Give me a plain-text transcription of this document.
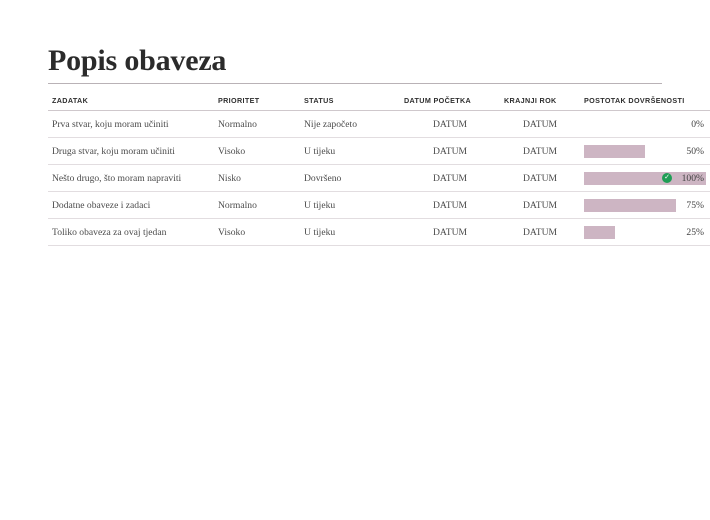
Popis obaveza
ZADATAK	PRIORITET	STATUS	DATUM POČETKA	KRAJNJI ROK	POSTOTAK DOVRŠENOSTI
Prva stvar, koju moram učiniti	Normalno	Nije započeto	DATUM	DATUM	0%

Druga stvar, koju moram učiniti	Visoko	U tijeku	DATUM	DATUM	50%

Nešto drugo, što moram napraviti	Nisko	Dovršeno	DATUM	DATUM	100%

Dodatne obaveze i zadaci	Normalno	U tijeku	DATUM	DATUM	75%

Toliko obaveza za ovaj tjedan	Visoko	U tijeku	DATUM	DATUM	25%
✓
